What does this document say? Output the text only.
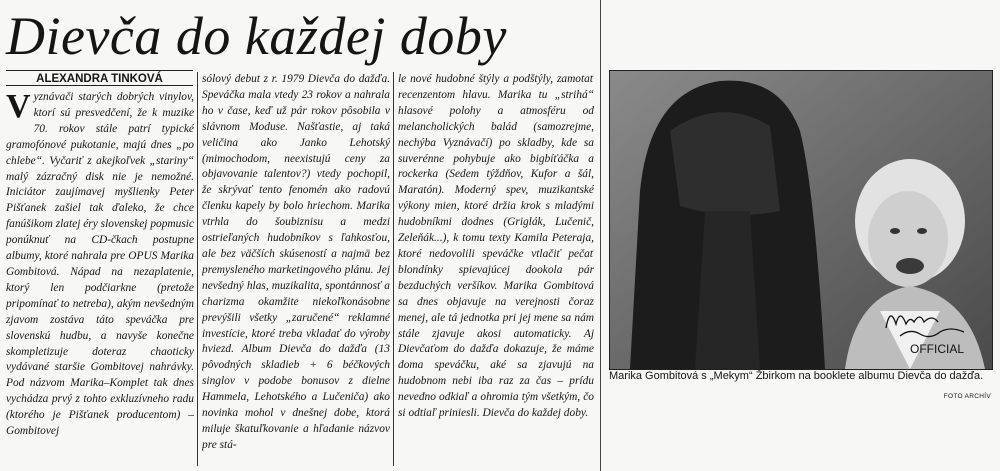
Dievča do každej doby
ALEXANDRA TINKOVÁ
Vyznávači starých dobrých vinylov, ktorí sú presvedčení, že k muzike 70. rokov stále patrí typické gramofónové pukotanie, majú dnes „po chlebe“. Vyčariť z akejkoľvek „stariny“ malý zázračný disk nie je nemožné. Iniciátor zaujímavej myšlienky Peter Pišťanek zašiel tak ďaleko, že chce fanúšikom zlatej éry slovenskej popmusic ponúknuť na CD-čkach postupne albumy, ktoré nahrala pre OPUS Marika Gombitová. Nápad na nezaplatenie, ktorý len podčiarkne (pretože pripomínať to netreba), akým nevšedným zjavom zostáva táto speváčka pre slovenskú hudbu, a navyše konečne skompletizuje doteraz chaoticky vydávané staršie Gombitovej nahrávky. Pod názvom Marika–Komplet tak dnes vychádza prvý z tohto exkluzívneho radu (ktorého je Pišťanek producentom) – Gombitovej
sólový debut z r. 1979 Dievča do dažďa. Speváčka mala vtedy 23 rokov a nahrala ho v čase, keď už pár rokov pôsobila v slávnom Moduse. Našťastie, aj taká veličina ako Janko Lehotský (mimochodom, neexistujú ceny za objavovanie talentov?) vtedy pochopil, že skrývať tento fenomén ako radovú členku kapely by bolo hriechom. Marika vtrhla do šoubiznisu a medzi ostrieľaných hudobníkov s ľahkosťou, ale bez väčších skúseností a najmä bez premysleného marketingového plánu. Jej nevšedný hlas, muzikalita, spontánnosť a charizma okamžite niekoľkonásobne prevýšili všetky „zaručené“ reklamné investície, ktoré treba vkladať do výroby hviezd. Album Dievča do dažďa (13 pôvodných skladieb + 6 béčkových singlov v podobe bonusov z dielne Hammela, Lehotského a Lučeniča) ako novinka mohol v dnešnej dobe, ktorá miluje škatuľkovanie a hľadanie názvov pre stá-
le nové hudobné štýly a podštýly, zamotať recenzentom hlavu. Marika tu „strihá“ hlasové polohy a atmosféru od melancholických balád (samozrejme, nechýba Vyznávačí) po skladby, kde sa suverénne pohybuje ako bigbíťáčka a rockerka (Sedem týždňov, Kufor a šál, Maratón). Moderný spev, muzikantské výkony mien, ktoré držia krok s mladými hudobníkmi dodnes (Griglák, Lučenič, Zeleňák...), k tomu texty Kamila Peteraja, ktoré nedovolili speváčke vtlačiť pečať blondínky spievajúcej dookola pár bezduchých veršíkov. Marika Gombitová sa dnes objavuje na verejnosti čoraz menej, ale tá jednotka pri jej mene sa nám stále zjavuje akosi automaticky. Aj Dievčaťom do dažďa dokazuje, že máme doma speváčku, aké sa zjavujú na hudobnom nebi iba raz za čas – prídu nevedno odkiaľ a ohromia tým všetkým, čo si odtiaľ priniesli. Dievča do každej doby.
OFFICIAL
Marika Gombitová s „Mekym“ Žbirkom na booklete albumu Dievča do dažďa.
FOTO ARCHÍV
